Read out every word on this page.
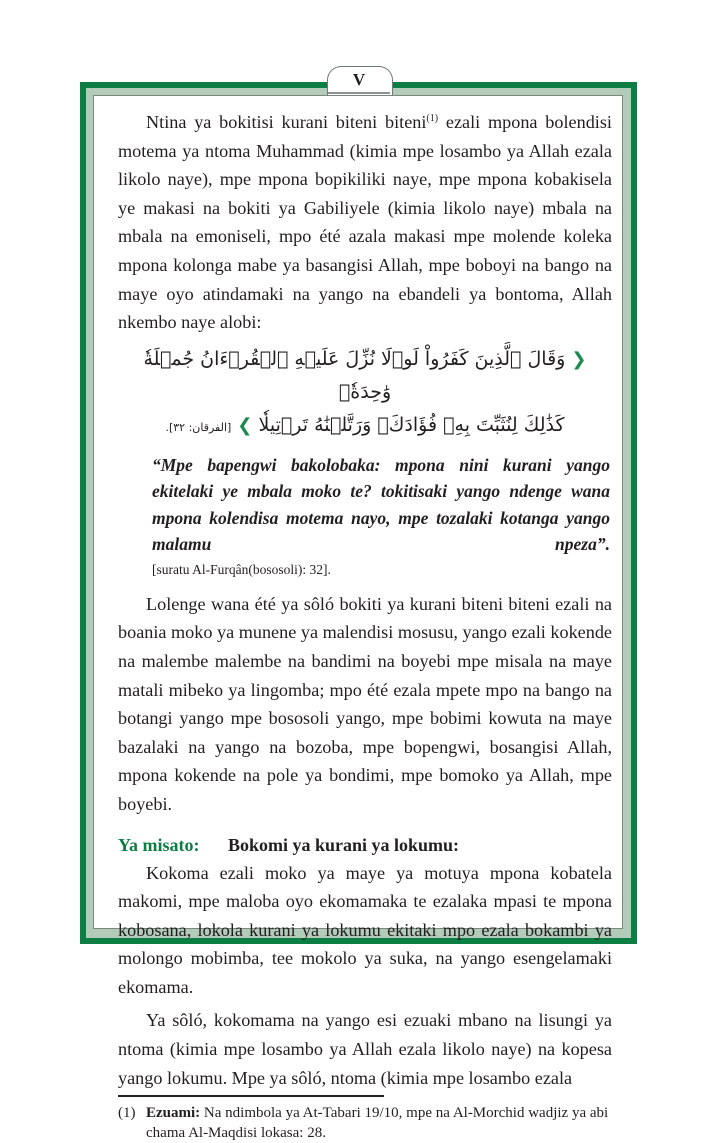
V

Ntina ya bokitisi kurani biteni biteni$^{(1)}$ ezali mpona bolendisi motema ya ntoma Muhammad (kimia mpe losambo ya Allah ezala likolo naye), mpe mpona bopikiliki naye, mpe mpona kobakisela ye makasi na bokiti ya Gabiliyele (kimia likolo naye) mbala na mbala na emoniseli, mpo été azala makasi mpe molende koleka mpona kolonga mabe ya basangisi Allah, mpe boboyi na bango na maye oyo atindamaki na yango na ebandeli ya bontoma, Allah nkembo naye alobi:

❮ وَقَالَ ٱلَّذِينَ كَفَرُواْ لَوۡلَا نُزِّلَ عَلَيۡهِ ٱلۡقُرۡءَانُ جُمۡلَةٗ وَٰحِدَةٗۚ
كَذَٰلِكَ لِنُثَبِّتَ بِهِۦ فُؤَادَكَۖ وَرَتَّلۡنَٰهُ تَرۡتِيلٗا ❯ [الفرقان: ٣٢].
“Mpe bapengwi bakolobaka: mpona nini kurani yango ekitelaki ye mbala moko te? tokitisaki yango ndenge wana mpona kolendisa motema nayo, mpe tozalaki kotanga yango malamu npeza”.
[suratu Al-Furqân(bososoli): 32].

Lolenge wana été ya sôló bokiti ya kurani biteni biteni ezali na boania moko ya munene ya malendisi mosusu, yango ezali kokende na malembe malembe na bandimi na boyebi mpe misala na maye matali mibeko ya lingomba; mpo été ezala mpete mpo na bango na botangi yango mpe bososoli yango, mpe bobimi kowuta na maye bazalaki na yango na bozoba, mpe bopengwi, bosangisi Allah, mpona kokende na pole ya bondimi, mpe bomoko ya Allah, mpe boyebi.

Ya misato: Bokomi ya kurani ya lokumu:

Kokoma ezali moko ya maye ya motuya mpona kobatela makomi, mpe maloba oyo ekomamaka te ezalaka mpasi te mpona kobosana, lokola kurani ya lokumu ekitaki mpo ezala bokambi ya molongo mobimba, tee mokolo ya suka, na yango esengelamaki ekomama.

Ya sôló, kokomama na yango esi ezuaki mbano na lisungi ya ntoma (kimia mpe losambo ya Allah ezala likolo naye) na kopesa yango lokumu. Mpe ya sôló, ntoma (kimia mpe losambo ezala

(1) Ezuami: Na ndimbola ya At-Tabari 19/10, mpe na Al-Morchid wadjiz ya abi chama Al-Maqdisi lokasa: 28.
